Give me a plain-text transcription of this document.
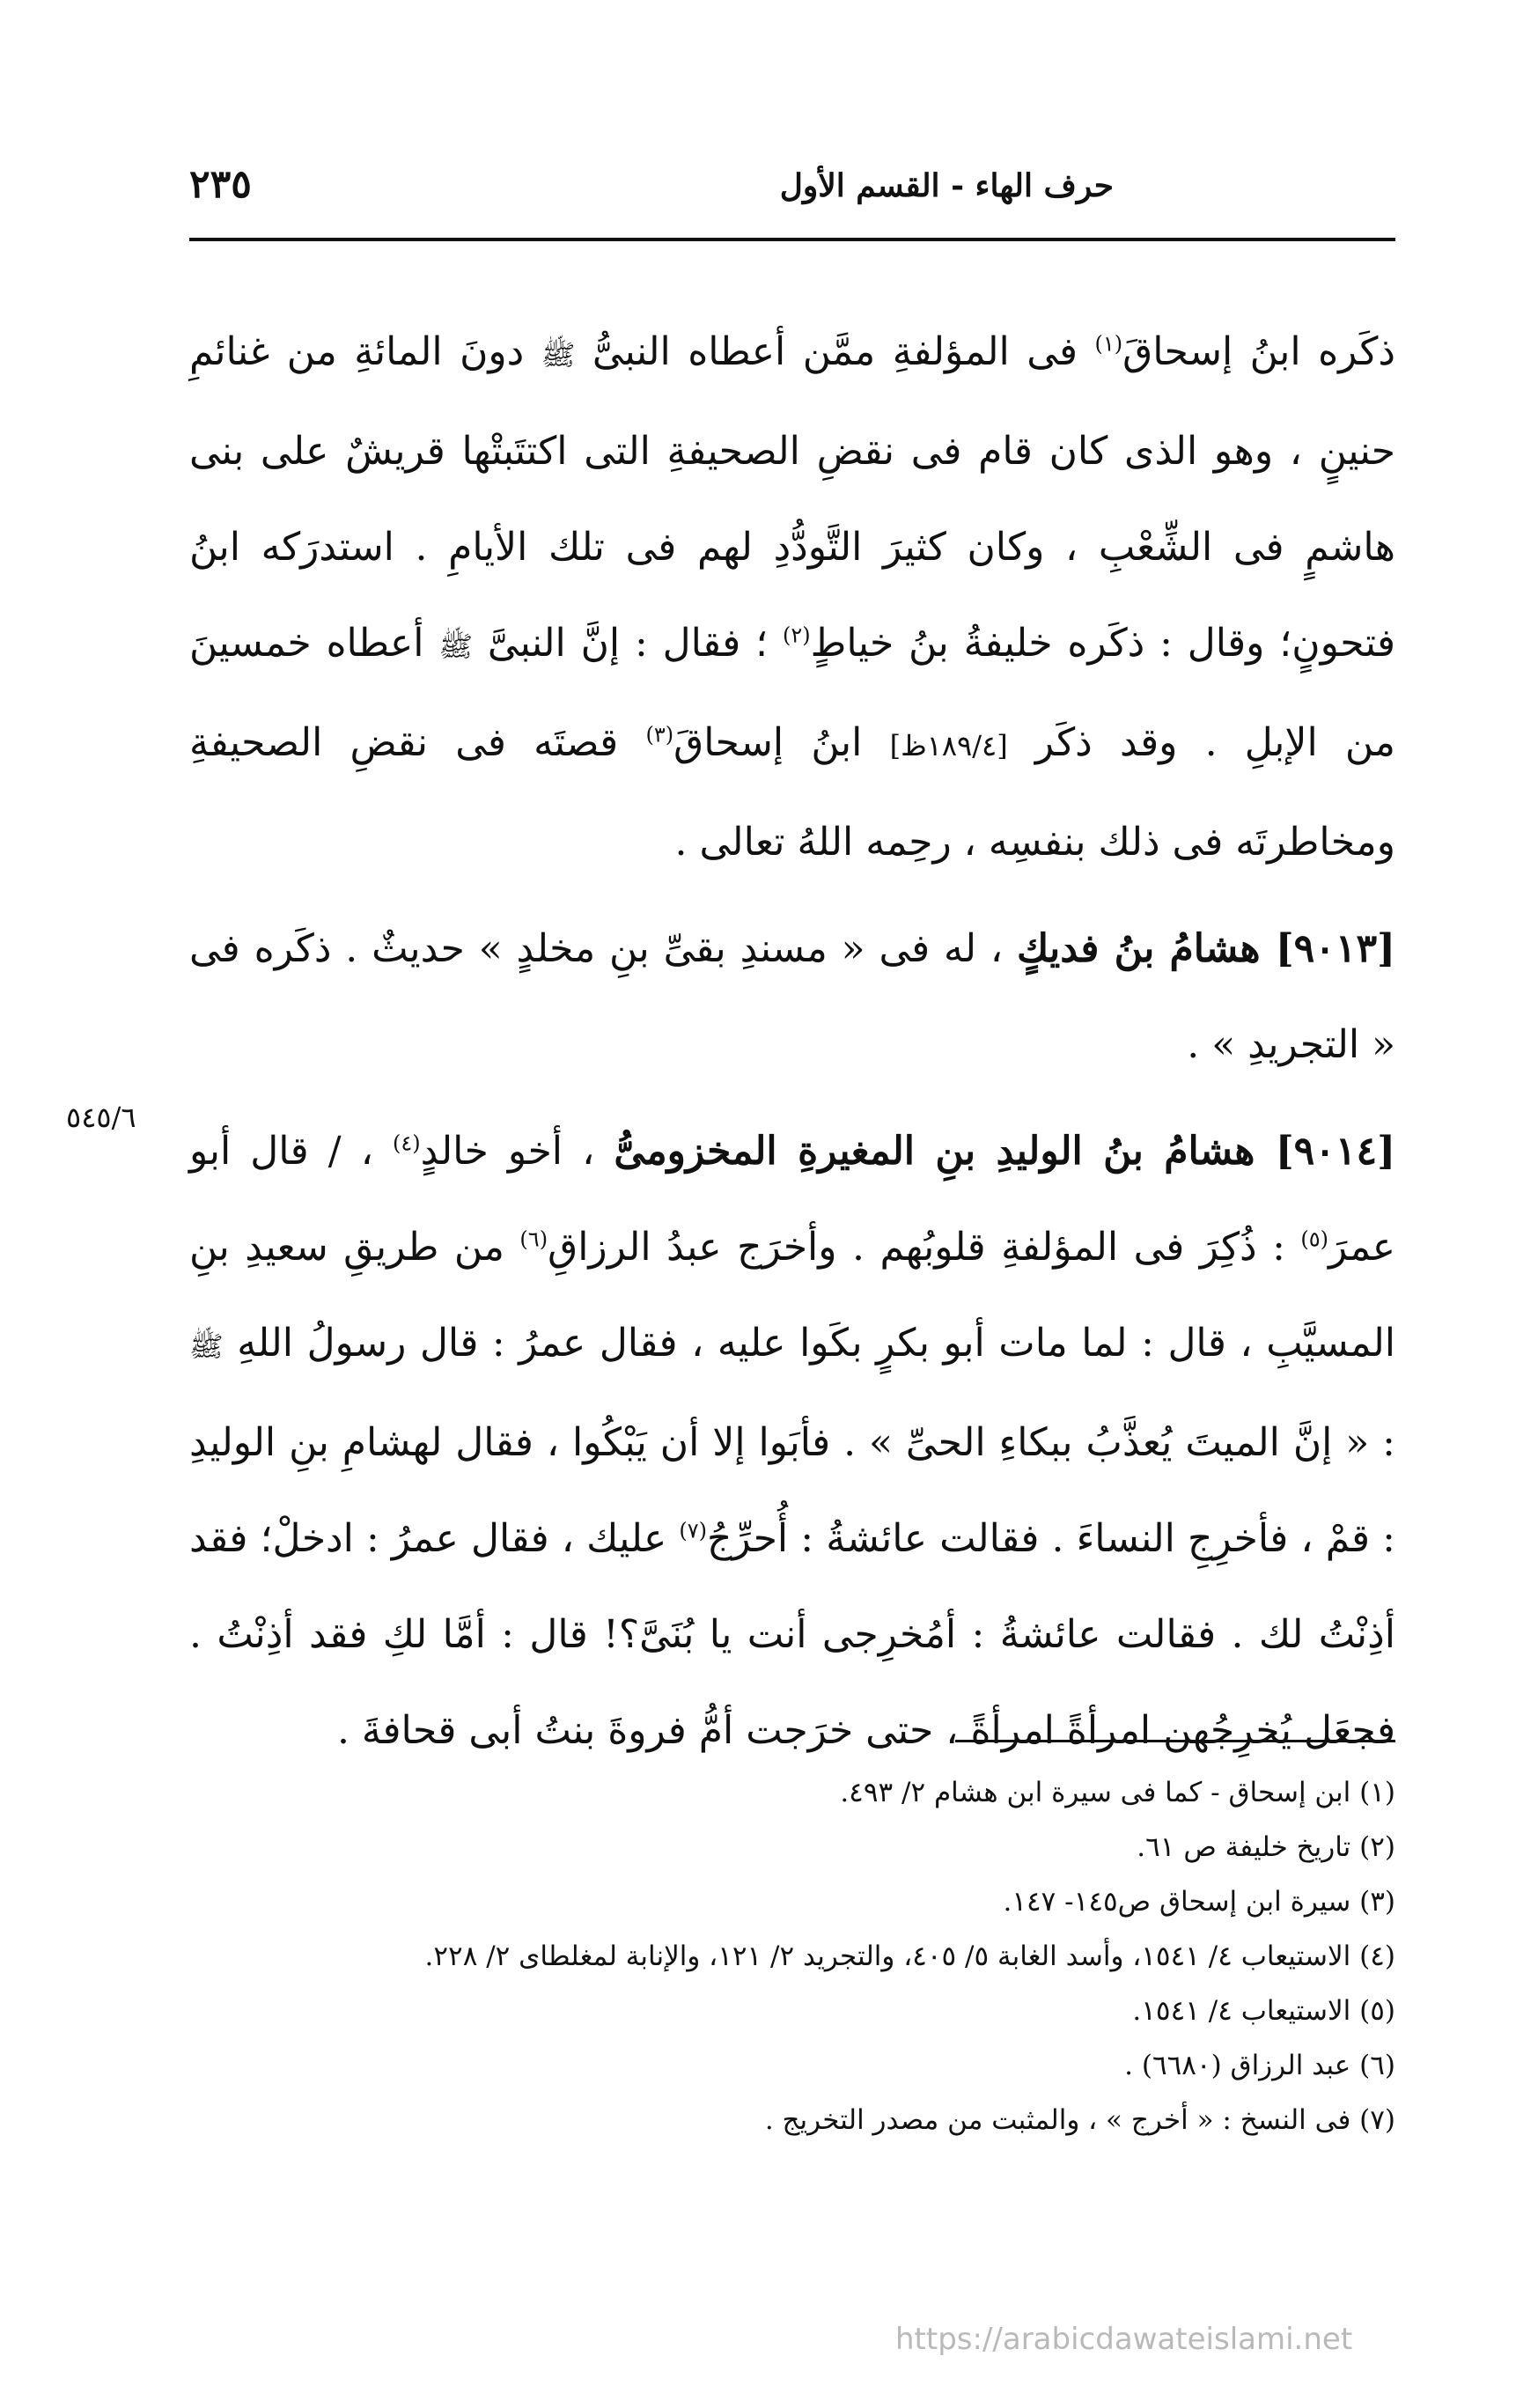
حرف الهاء - القسم الأول
٢٣٥

ذكَره ابنُ إسحاقَ$^{(١)}$ فى المؤلفةِ ممَّن أعطاه النبىُّ ﷺ دونَ المائةِ من غنائمِ حنينٍ ، وهو الذى كان قام فى نقضِ الصحيفةِ التى اكتتَبتْها قريشٌ على بنى هاشمٍ فى الشِّعْبِ ، وكان كثيرَ التَّودُّدِ لهم فى تلك الأيامِ . استدرَكه ابنُ فتحونٍ؛ وقال : ذكَره خليفةُ بنُ خياطٍ$^{(٢)}$ ؛ فقال : إنَّ النبىَّ ﷺ أعطاه خمسينَ من الإبلِ . وقد ذكَر [١٨٩/٤ظ] ابنُ إسحاقَ$^{(٣)}$ قصتَه فى نقضِ الصحيفةِ ومخاطرتَه فى ذلك بنفسِه ، رحِمه اللهُ تعالى .

[٩٠١٣] هشامُ بنُ فديكٍ ، له فى « مسندِ بقىِّ بنِ مخلدٍ » حديثٌ . ذكَره فى « التجريدِ » .

[٩٠١٤] هشامُ بنُ الوليدِ بنِ المغيرةِ المخزومىُّ ، أخو خالدٍ$^{(٤)}$ ، / قال أبو عمرَ$^{(٥)}$ : ذُكِرَ فى المؤلفةِ قلوبُهم . وأخرَج عبدُ الرزاقِ$^{(٦)}$ من طريقِ سعيدِ بنِ المسيَّبِ ، قال : لما مات أبو بكرٍ بكَوا عليه ، فقال عمرُ : قال رسولُ اللهِ ﷺ : « إنَّ الميتَ يُعذَّبُ ببكاءِ الحىِّ » . فأبَوا إلا أن يَبْكُوا ، فقال لهشامِ بنِ الوليدِ : قمْ ، فأخرِجِ النساءَ . فقالت عائشةُ : أُحرِّجُ$^{(٧)}$ عليك ، فقال عمرُ : ادخلْ؛ فقد أذِنْتُ لك . فقالت عائشةُ : أمُخرِجى أنت يا بُنَىَّ؟! قال : أمَّا لكِ فقد أذِنْتُ . فجعَل يُخرِجُهن امرأةً امرأةً ، حتى خرَجت أمُّ فروةَ بنتُ أبى قحافةَ .

٥٤٥/٦

(١) ابن إسحاق - كما فى سيرة ابن هشام ٢/ ٤٩٣.

(٢) تاريخ خليفة ص ٦١.

(٣) سيرة ابن إسحاق ص١٤٥- ١٤٧.

(٤) الاستيعاب ٤/ ١٥٤١، وأسد الغابة ٥/ ٤٠٥، والتجريد ٢/ ١٢١، والإنابة لمغلطاى ٢/ ٢٢٨.

(٥) الاستيعاب ٤/ ١٥٤١.

(٦) عبد الرزاق (٦٦٨٠) .

(٧) فى النسخ : « أخرج » ، والمثبت من مصدر التخريج .

https://arabicdawateislami.net
